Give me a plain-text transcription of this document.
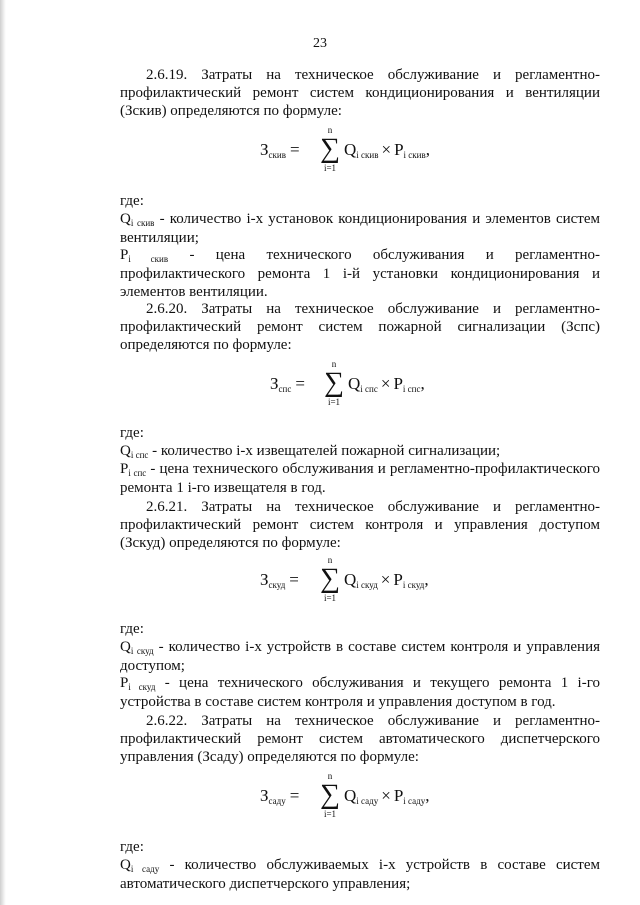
23
2.6.19. Затраты на техническое обслуживание и регламентно-профилактический ремонт систем кондиционирования и вентиляции (Зскив) определяются по формуле:
Зскив =
n
∑
i=1
Qi скив × Pi скив,
где:
$Q_{i скив}$ - количество i-х установок кондиционирования и элементов систем вентиляции;
$P_{i скив}$ - цена технического обслуживания и регламентно-профилактического ремонта 1 i-й установки кондиционирования и элементов вентиляции.
2.6.20. Затраты на техническое обслуживание и регламентно-профилактический ремонт систем пожарной сигнализации (Зспс) определяются по формуле:
Зспс =
n
∑
i=1
Qi спс × Pi спс,
где:
$Q_{i спс}$ - количество i-х извещателей пожарной сигнализации;
$P_{i спс}$ - цена технического обслуживания и регламентно-профилактического ремонта 1 i-го извещателя в год.
2.6.21. Затраты на техническое обслуживание и регламентно-профилактический ремонт систем контроля и управления доступом (Зскуд) определяются по формуле:
Зскуд =
n
∑
i=1
Qi скуд × Pi скуд,
где:
$Q_{i скуд}$ - количество i-х устройств в составе систем контроля и управления доступом;
$P_{i скуд}$ - цена технического обслуживания и текущего ремонта 1 i-го устройства в составе систем контроля и управления доступом в год.
2.6.22. Затраты на техническое обслуживание и регламентно-профилактический ремонт систем автоматического диспетчерского управления (Зсаду) определяются по формуле:
Зсаду =
n
∑
i=1
Qi саду × Pi саду,
где:
$Q_{i саду}$ - количество обслуживаемых i-х устройств в составе систем автоматического диспетчерского управления;
